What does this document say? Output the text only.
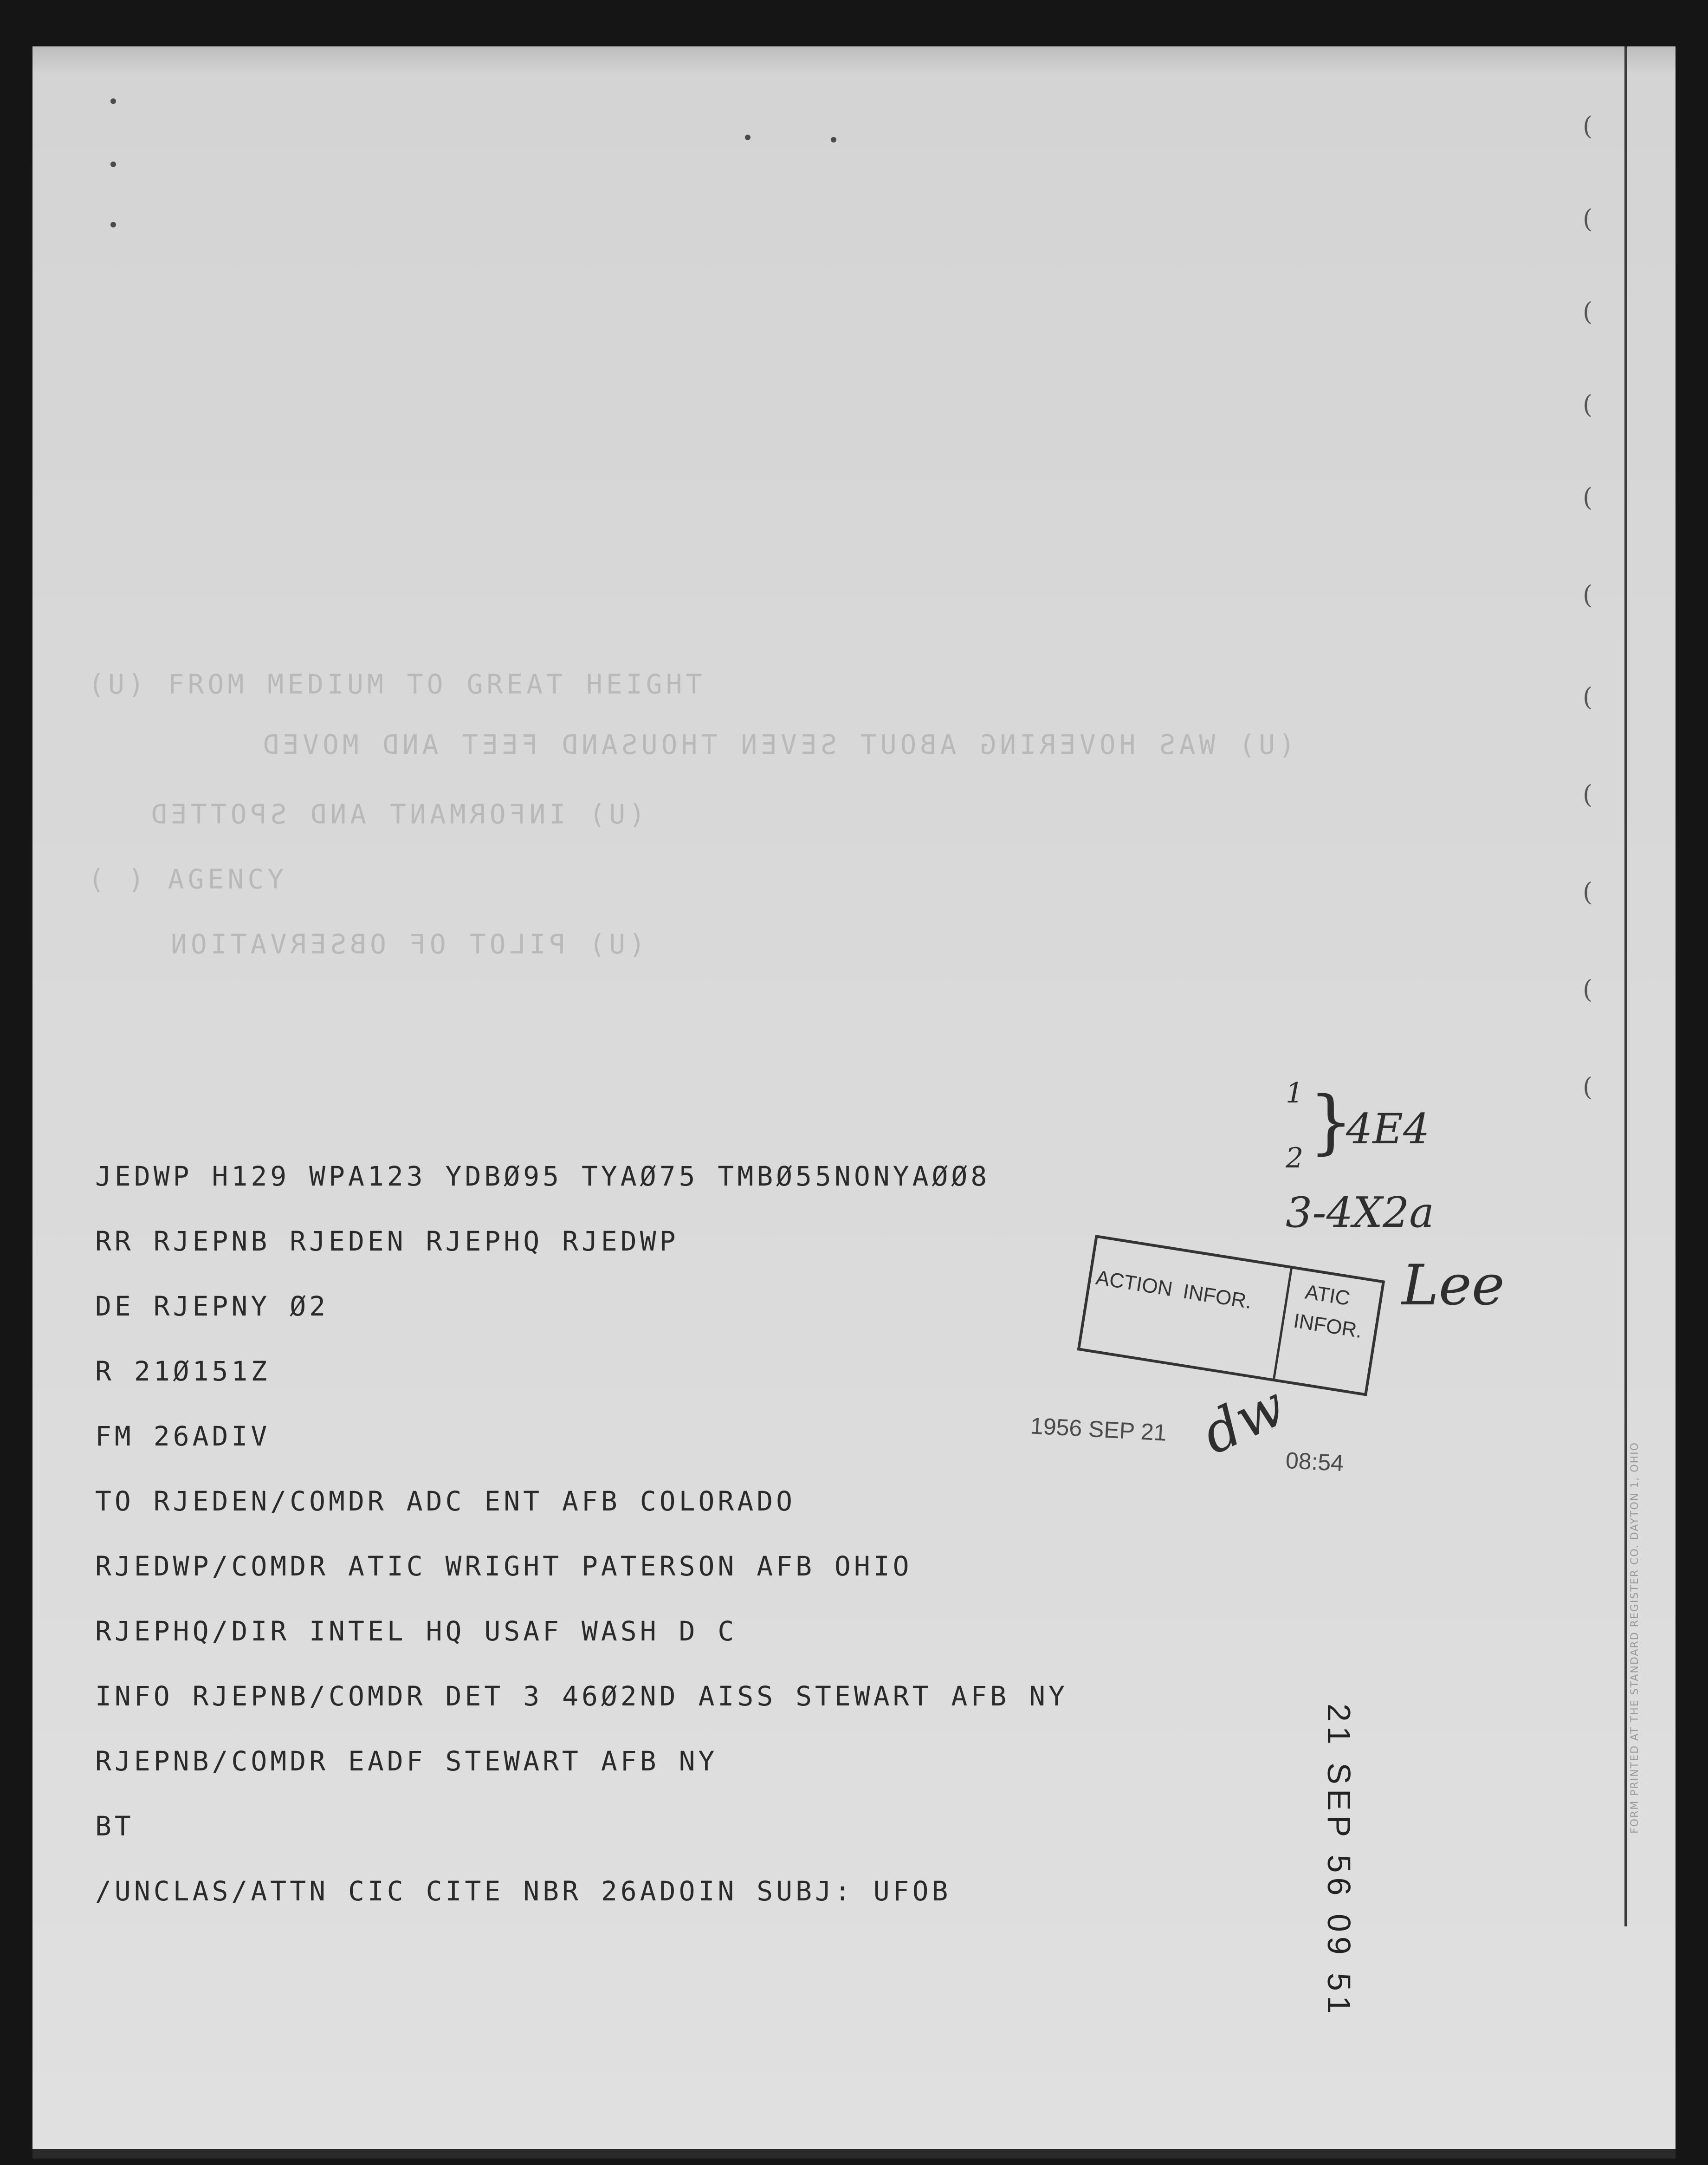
(U) FROM MEDIUM TO GREAT HEIGHT
(U) WAS HOVERING ABOUT SEVEN THOUSAND FEET AND MOVED
(U) INFORMANT AND SPOTTED
( ) AGENCY
(U) PILOT OF OBSERVATION
(
(
(
(
(
(
(
(
(
(
(
JEDWP H129 WPA123 YDBØ95 TYAØ75 TMBØ55NONYAØØ8
RR RJEPNB RJEDEN RJEPHQ RJEDWP
DE RJEPNY Ø2
R 21Ø151Z
FM 26ADIV
TO RJEDEN/COMDR ADC ENT AFB COLORADO
RJEDWP/COMDR ATIC WRIGHT PATERSON AFB OHIO
RJEPHQ/DIR INTEL HQ USAF WASH D C
INFO RJEPNB/COMDR DET 3 46Ø2ND AISS STEWART AFB NY
RJEPNB/COMDR EADF STEWART AFB NY
BT
/UNCLAS/ATTN CIC CITE NBR 26ADOIN SUBJ: UFOB
ACTION INFOR. ATIC
INFOR.
1
2 }
4E4
3-4X2a
Lee
dw
1956 SEP 21
08:54
21 SEP 56 09 51
FORM PRINTED AT THE STANDARD REGISTER CO. DAYTON 1, OHIO
